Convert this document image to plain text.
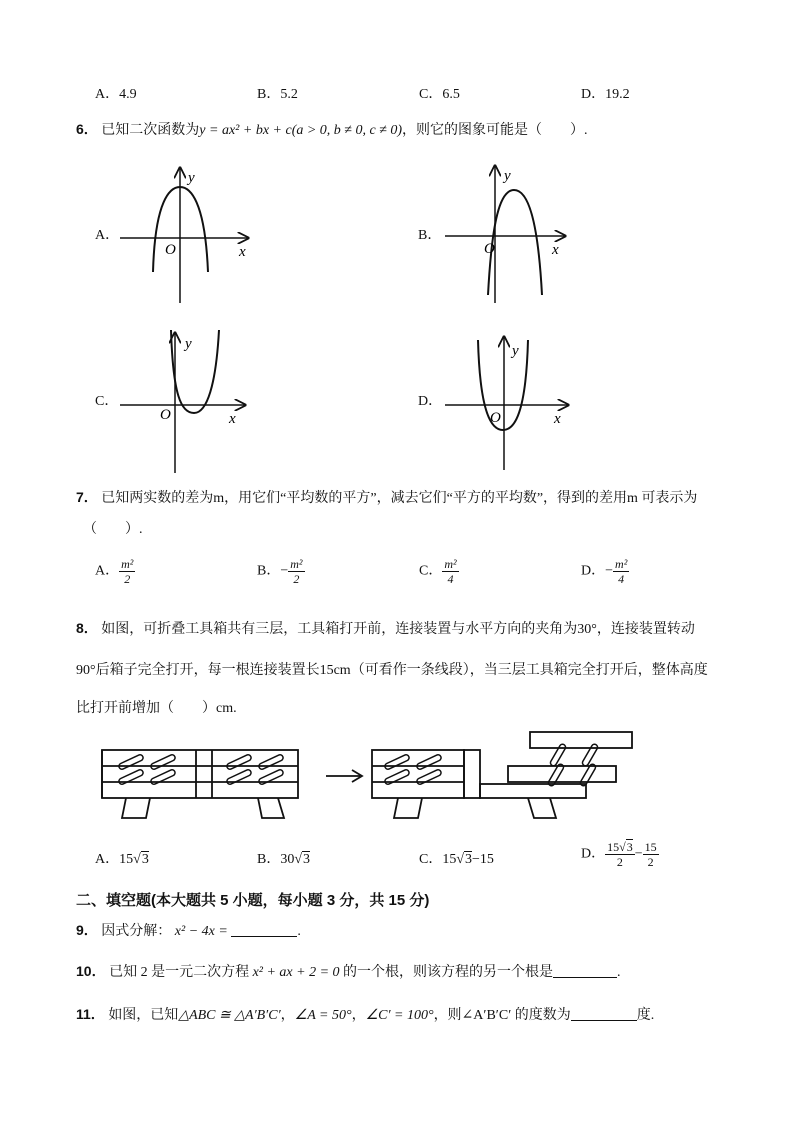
A．4.9	B．5.2	C．6.5	D．19.2
6． 已知二次函数为y = ax² + bx + c(a > 0, b ≠ 0, c ≠ 0)，则它的图象可能是（　　）.
A．	B．
C．	D．
y
x
O
y
x
O
y
x
O
y
x
O
7． 已知两实数的差为m，用它们“平均数的平方”，减去它们“平方的平均数”，得到的差用m 可表示为
（　　）.
A． $\frac{\text{m²}}{2}$	B．− $\frac{\text{m²}}{2}$	C． $\frac{\text{m²}}{4}$	D．− $\frac{\text{m²}}{4}$
8． 如图，可折叠工具箱共有三层，工具箱打开前，连接装置与水平方向的夹角为30°，连接装置转动
90°后箱子完全打开，每一根连接装置长15cm（可看作一条线段），当三层工具箱完全打开后，整体高度
比打开前增加（　　）cm.
A．15√3	B．30√3	C．15√3−15	D． $\frac{15√3}{2} - \frac{15}{2}$
二、填空题(本大题共 5 小题，每小题 3 分，共 15 分)
9． 因式分解： x² − 4x =	.
10． 已知 2 是一元二次方程 x² + ax + 2 = 0 的一个根，则该方程的另一个根是	.
11． 如图，已知△ABC ≅ △A′B′C′，∠A = 50°，∠C′ = 100°，则∠A′B′C′ 的度数为	度.
